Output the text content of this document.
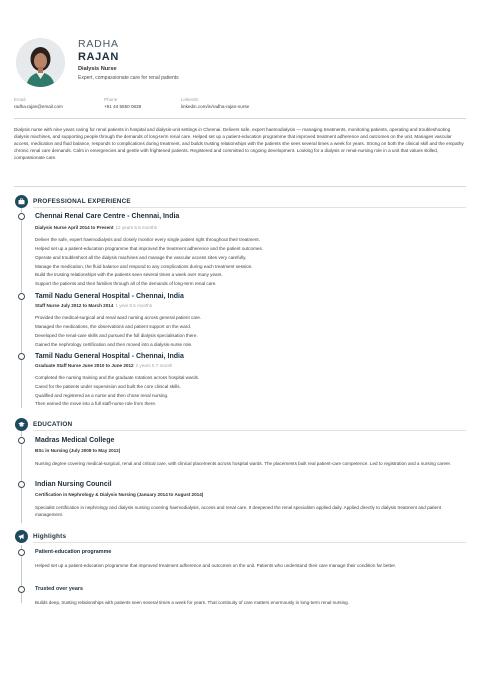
RADHA
RAJAN
Dialysis Nurse
Expert, compassionate care for renal patients
Email
radha.rajan@email.com
Phone
+91 44 5550 0638
LinkedIn
linkedin.com/in/radha-rajan-nurse
Dialysis nurse with nine years caring for renal patients in hospital and dialysis-unit settings in Chennai. Delivers safe, expert haemodialysis — managing treatments, monitoring patients, operating and troubleshooting dialysis machines, and supporting people through the demands of long-term renal care. Helped set up a patient-education programme that improved treatment adherence and outcomes on the unit. Manages vascular access, medication and fluid balance, responds to complications during treatment, and builds trusting relationships with the patients she sees several times a week for years. Strong on both the clinical skill and the empathy chronic renal care demands. Calm in emergencies and gentle with frightened patients. Registered and committed to ongoing development. Looking for a dialysis or renal-nursing role in a unit that values skilled, compassionate care.
PROFESSIONAL EXPERIENCE
Chennai Renal Care Centre - Chennai, India
Dialysis Nurse April 2014 to Present 12 years 5.5 months
Deliver the safe, expert haemodialysis and closely monitor every single patient right throughout their treatment.
Helped set up a patient-education programme that improved the treatment adherence and the patient outcomes.
Operate and troubleshoot all the dialysis machines and manage the vascular access sites very carefully.
Manage the medication, the fluid balance and respond to any complications during each treatment session.
Build the trusting relationships with the patients seen several times a week over many years.
Support the patients and their families through all of the demands of long-term renal care.
Tamil Nadu General Hospital - Chennai, India
Staff Nurse July 2012 to March 2014 1 year 8.5 months
Provided the medical-surgical and renal ward nursing across general patient care.
Managed the medications, the observations and patient support on the ward.
Developed the renal-care skills and pursued the full dialysis specialisation there.
Gained the nephrology certification and then moved into a dialysis-nurse role.
Tamil Nadu General Hospital - Chennai, India
Graduate Staff Nurse June 2010 to June 2012 2 years 0.7 month
Completed the nursing training and the graduate rotations across hospital wards.
Cared for the patients under supervision and built the core clinical skills.
Qualified and registered as a nurse and then chose renal nursing.
Then earned the move into a full staff-nurse role from there.
EDUCATION
Madras Medical College
BSc in Nursing (July 2008 to May 2012)
Nursing degree covering medical-surgical, renal and critical care, with clinical placements across hospital wards. The placements built real patient-care competence. Led to registration and a nursing career.
Indian Nursing Council
Certification in Nephrology & Dialysis Nursing (January 2014 to August 2014)
Specialist certification in nephrology and dialysis nursing covering haemodialysis, access and renal care. It deepened the renal specialism applied daily. Applied directly to dialysis treatment and patient management.
Highlights
Patient-education programme
Helped set up a patient-education programme that improved treatment adherence and outcomes on the unit. Patients who understand their care manage their condition far better.
Trusted over years
Builds deep, trusting relationships with patients seen several times a week for years. That continuity of care matters enormously in long-term renal nursing.
